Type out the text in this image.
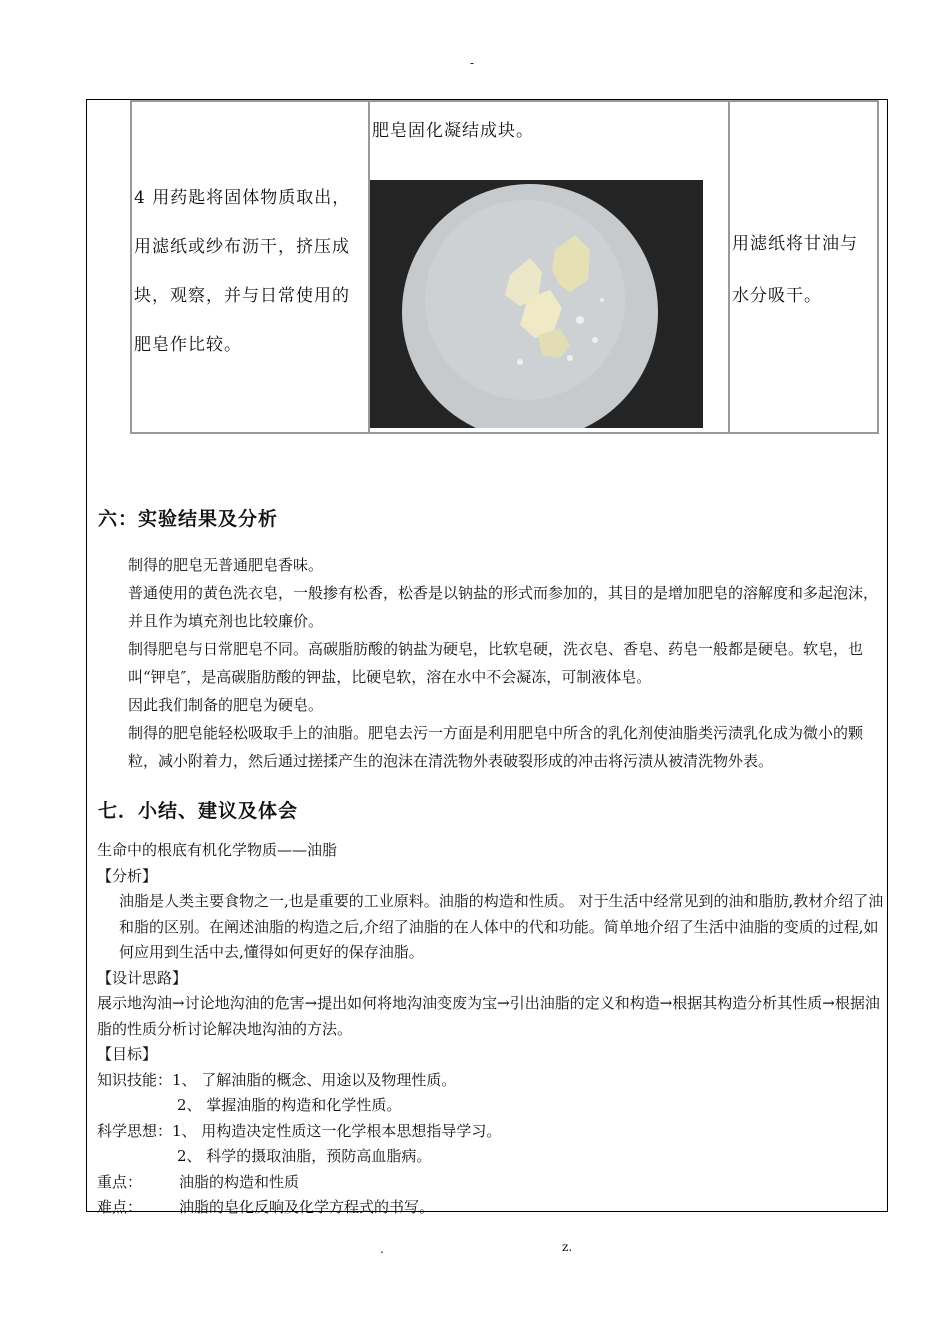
-
4 用药匙将固体物质取出，用滤纸或纱布沥干，挤压成块，观察，并与日常使用的肥皂作比较。
肥皂固化凝结成块。
用滤纸将甘油与水分吸干。
六：实验结果及分析
制得的肥皂无普通肥皂香味。
普通使用的黄色洗衣皂，一般掺有松香，松香是以钠盐的形式而参加的，其目的是增加肥皂的溶解度和多起泡沫，并且作为填充剂也比较廉价。
制得肥皂与日常肥皂不同。高碳脂肪酸的钠盐为硬皂，比软皂硬，洗衣皂、香皂、药皂一般都是硬皂。软皂，也叫“钾皂″，是高碳脂肪酸的钾盐，比硬皂软，溶在水中不会凝冻，可制液体皂。
因此我们制备的肥皂为硬皂。
制得的肥皂能轻松吸取手上的油脂。肥皂去污一方面是利用肥皂中所含的乳化剂使油脂类污渍乳化成为微小的颗粒，减小附着力，然后通过搓揉产生的泡沫在清洗物外表破裂形成的冲击将污渍从被清洗物外表。
七．小结、建议及体会
生命中的根底有机化学物质——油脂
【分析】
油脂是人类主要食物之一,也是重要的工业原料。油脂的构造和性质。 对于生活中经常见到的油和脂肪,教材介绍了油和脂的区别。在阐述油脂的构造之后,介绍了油脂的在人体中的代和功能。简单地介绍了生活中油脂的变质的过程,如何应用到生活中去,懂得如何更好的保存油脂。
【设计思路】
展示地沟油→讨论地沟油的危害→提出如何将地沟油变废为宝→引出油脂的定义和构造→根据其构造分析其性质→根据油脂的性质分析讨论解决地沟油的方法。
【目标】
知识技能：1、 了解油脂的概念、用途以及物理性质。
2、 掌握油脂的构造和化学性质。
科学思想：1、 用构造决定性质这一化学根本思想指导学习。
2、 科学的摄取油脂，预防高血脂病。
重点： 油脂的构造和性质
难点： 油脂的皂化反响及化学方程式的书写。
.	z.
